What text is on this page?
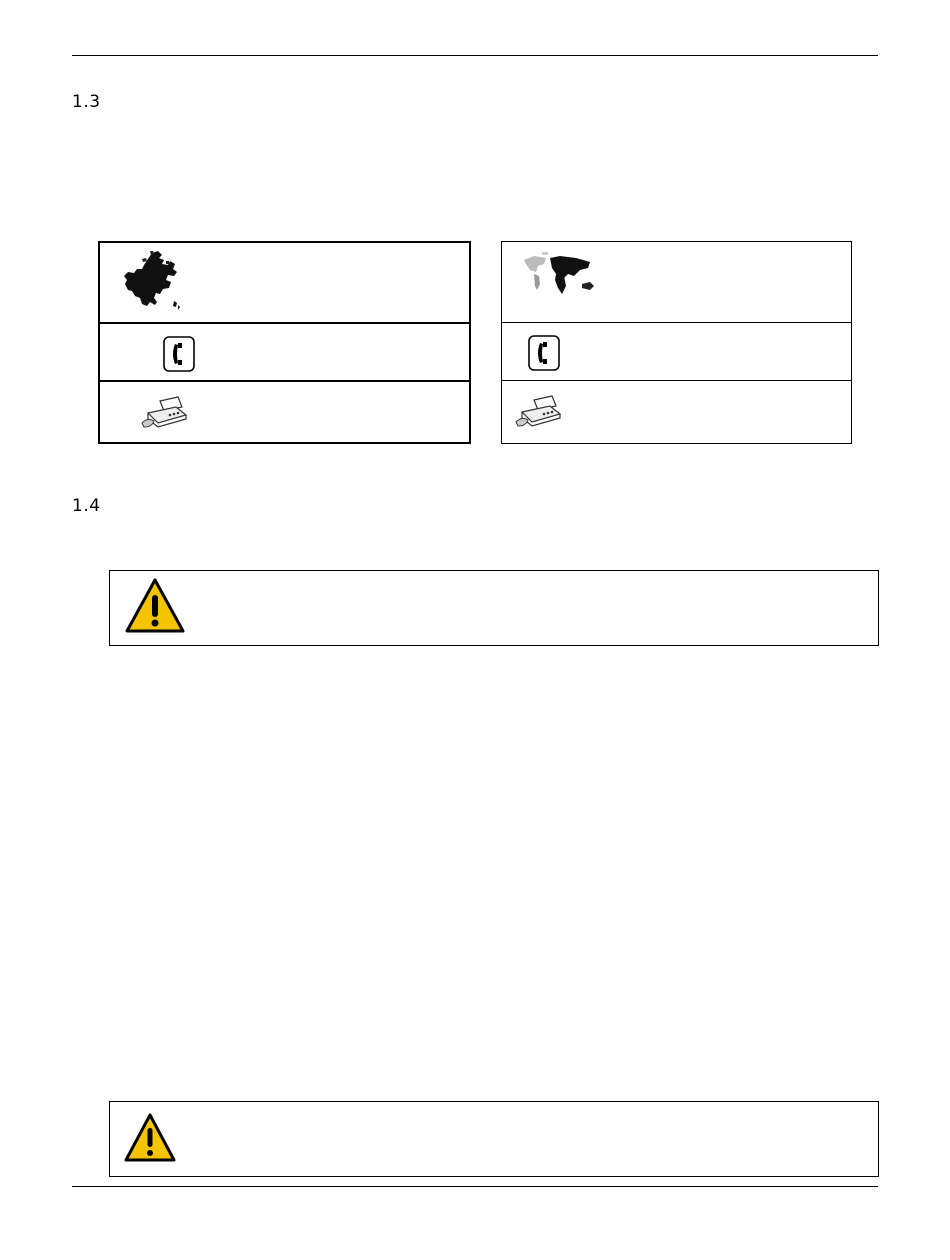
1.3
1.4
